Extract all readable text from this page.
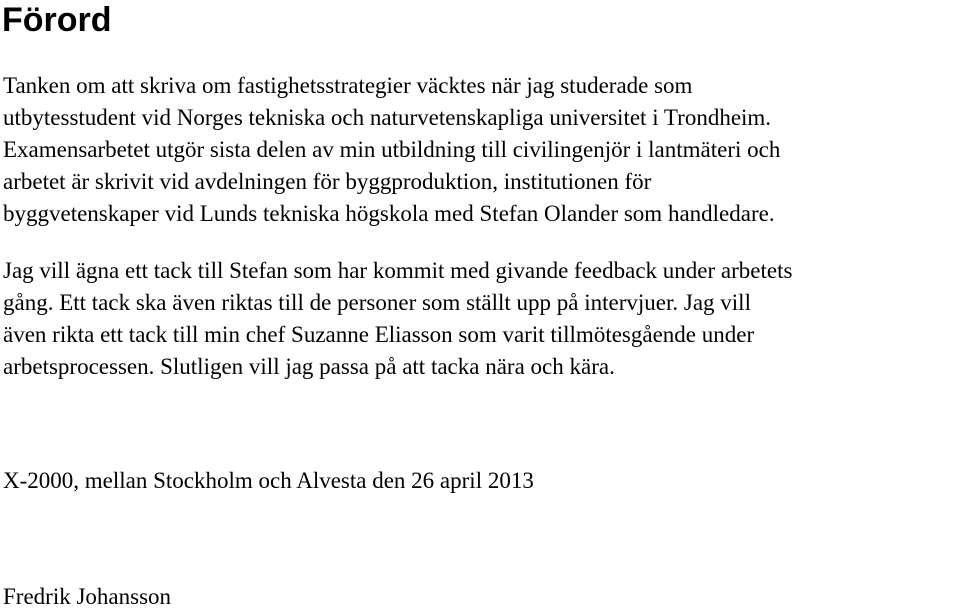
Förord

Tanken om att skriva om fastighetsstrategier väcktes när jag studerade som
utbytesstudent vid Norges tekniska och naturvetenskapliga universitet i Trondheim.
Examensarbetet utgör sista delen av min utbildning till civilingenjör i lantmäteri och
arbetet är skrivit vid avdelningen för byggproduktion, institutionen för
byggvetenskaper vid Lunds tekniska högskola med Stefan Olander som handledare.

Jag vill ägna ett tack till Stefan som har kommit med givande feedback under arbetets
gång. Ett tack ska även riktas till de personer som ställt upp på intervjuer. Jag vill
även rikta ett tack till min chef Suzanne Eliasson som varit tillmötesgående under
arbetsprocessen. Slutligen vill jag passa på att tacka nära och kära.

X-2000, mellan Stockholm och Alvesta den 26 april 2013

Fredrik Johansson
